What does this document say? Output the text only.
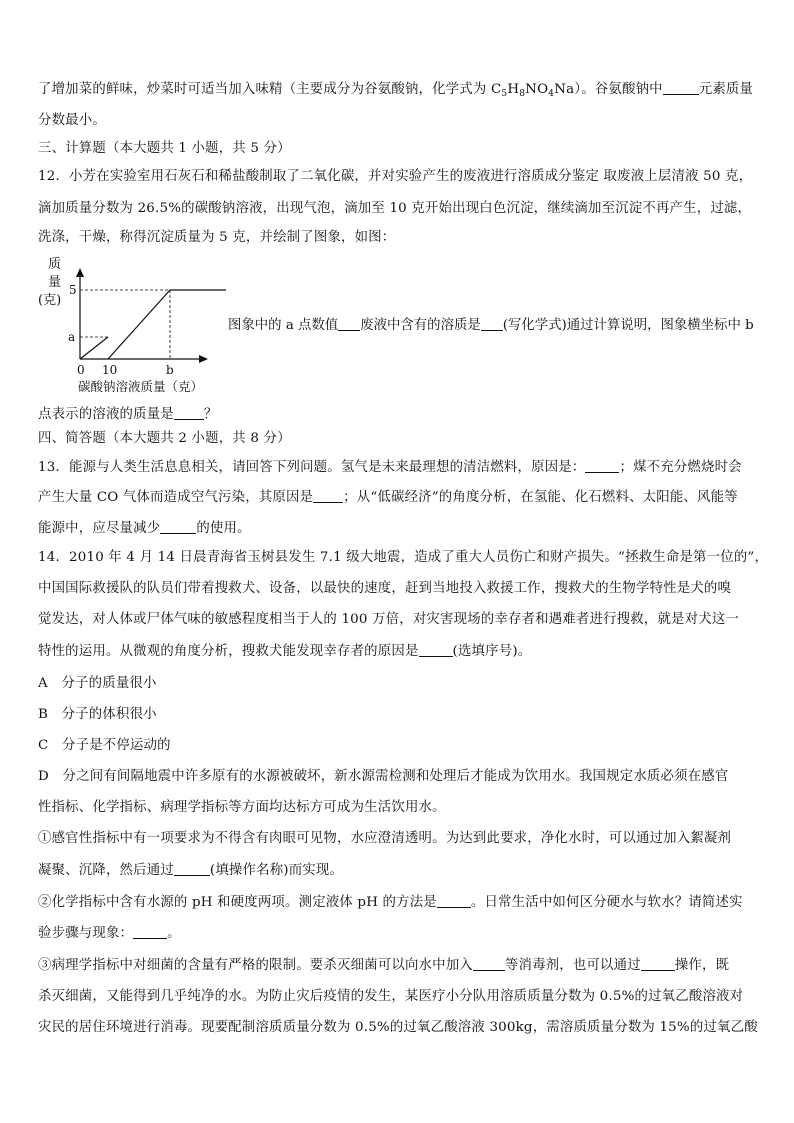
了增加菜的鲜味，炒菜时可适当加入味精（主要成分为谷氨酸钠，化学式为 $C_5H_8NO_4Na$）。谷氨酸钠中	元素质量
分数最小。
三、计算题（本大题共 1 小题，共 5 分）
12．小芳在实验室用石灰石和稀盐酸制取了二氧化碳，并对实验产生的废液进行溶质成分鉴定 取废液上层清液 50 克，
滴加质量分数为 26.5%的碳酸钠溶液，出现气泡，滴加至 10 克开始出现白色沉淀，继续滴加至沉淀不再产生，过滤，
洗涤，干燥，称得沉淀质量为 5 克，并绘制了图象，如图：
质
量
(克)
5
a
0 10	b
碳酸钠溶液质量（克）
图象中的 a 点数值 废液中含有的溶质是 (写化学式)通过计算说明，图象横坐标中 b
点表示的溶液的质量是 ？
四、简答题（本大题共 2 小题，共 8 分）
13．能源与人类生活息息相关，请回答下列问题。氢气是未来最理想的清洁燃料，原因是：	；煤不充分燃烧时会
产生大量 CO 气体而造成空气污染，其原因是 ；从“低碳经济”的角度分析，在氢能、化石燃料、太阳能、风能等
能源中，应尽量减少	的使用。
14．2010 年 4 月 14 日晨青海省玉树县发生 7.1 级大地震，造成了重大人员伤亡和财产损失。“拯救生命是第一位的”，
中国国际救援队的队员们带着搜救犬、设备，以最快的速度，赶到当地投入救援工作，搜救犬的生物学特性是犬的嗅
觉发达，对人体或尸体气味的敏感程度相当于人的 100 万倍，对灾害现场的幸存者和遇难者进行搜救，就是对犬这一
特性的运用。从微观的角度分析，搜救犬能发现幸存者的原因是	(选填序号)。
A　分子的质量很小
B　分子的体积很小
C　分子是不停运动的
D　分之间有间隔地震中许多原有的水源被破坏，新水源需检测和处理后才能成为饮用水。我国规定水质必须在感官
性指标、化学指标、病理学指标等方面均达标方可成为生活饮用水。
①感官性指标中有一项要求为不得含有肉眼可见物，水应澄清透明。为达到此要求，净化水时，可以通过加入絮凝剂
凝聚、沉降，然后通过	(填操作名称)而实现。
②化学指标中含有水源的 pH 和硬度两项。测定液体 pH 的方法是	。日常生活中如何区分硬水与软水？请简述实
验步骤与现象：	。
③病理学指标中对细菌的含量有严格的限制。要杀灭细菌可以向水中加入 等消毒剂，也可以通过	操作，既
杀灭细菌，又能得到几乎纯净的水。为防止灾后疫情的发生，某医疗小分队用溶质质量分数为 0.5%的过氧乙酸溶液对
灾民的居住环境进行消毒。现要配制溶质质量分数为 0.5%的过氧乙酸溶液 300kg，需溶质质量分数为 15%的过氧乙酸
